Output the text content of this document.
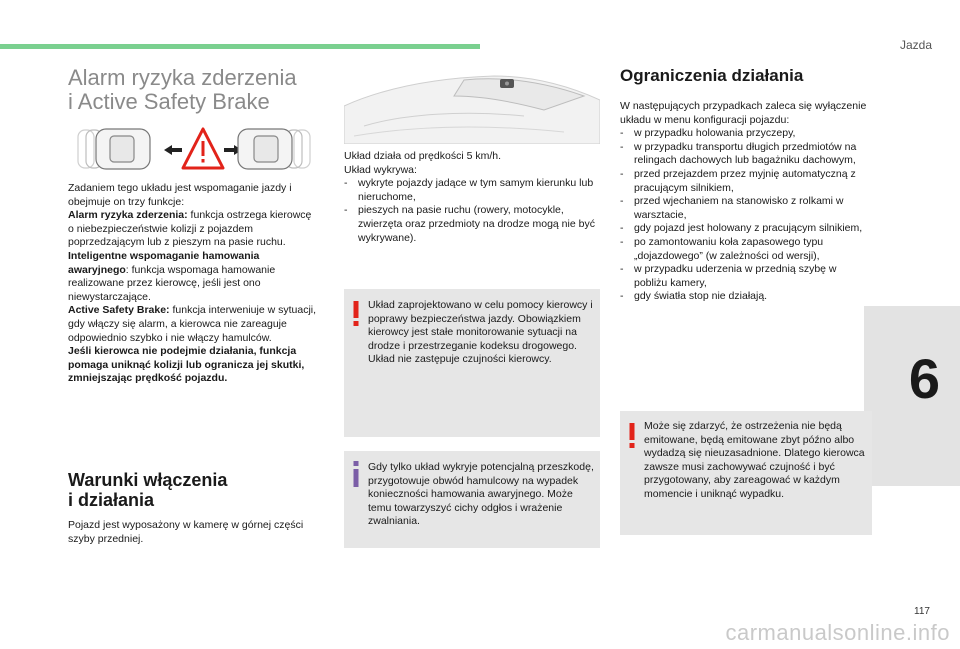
Jazda
6
117
carmanualsonline.info
Alarm ryzyka zderzenia
i Active Safety Brake

Zadaniem tego układu jest wspomaganie jazdy i obejmuje on trzy funkcje:

Alarm ryzyka zderzenia: funkcja ostrzega kierowcę o niebezpieczeństwie kolizji z pojazdem poprzedzającym lub z pieszym na pasie ruchu.

Inteligentne wspomaganie hamowania awaryjnego: funkcja wspomaga hamowanie realizowane przez kierowcę, jeśli jest ono niewystarczające.

Active Safety Brake: funkcja interweniuje w sytuacji, gdy włączy się alarm, a kierowca nie zareaguje odpowiednio szybko i nie włączy hamulców.

Jeśli kierowca nie podejmie działania, funkcja pomaga uniknąć kolizji lub ogranicza jej skutki, zmniejszając prędkość pojazdu.

Warunki włączenia
i działania

Pojazd jest wyposażony w kamerę w górnej części szyby przedniej.

Układ działa od prędkości 5 km/h.

Układ wykrywa:

- wykryte pojazdy jadące w tym samym kierunku lub nieruchome,
- pieszych na pasie ruchu (rowery, motocykle, zwierzęta oraz przedmioty na drodze mogą nie być wykrywane).

Układ zaprojektowano w celu pomocy kierowcy i poprawy bezpieczeństwa jazdy. Obowiązkiem kierowcy jest stałe monitorowanie sytuacji na drodze i przestrzeganie kodeksu drogowego. Układ nie zastępuje czujności kierowcy.

Gdy tylko układ wykryje potencjalną przeszkodę, przygotowuje obwód hamulcowy na wypadek konieczności hamowania awaryjnego. Może temu towarzyszyć cichy odgłos i wrażenie zwalniania.

Ograniczenia działania

W następujących przypadkach zaleca się wyłączenie układu w menu konfiguracji pojazdu:

- w przypadku holowania przyczepy,
- w przypadku transportu długich przedmiotów na relingach dachowych lub bagażniku dachowym,
- przed przejazdem przez myjnię automatyczną z pracującym silnikiem,
- przed wjechaniem na stanowisko z rolkami w warsztacie,
- gdy pojazd jest holowany z pracującym silnikiem,
- po zamontowaniu koła zapasowego typu „dojazdowego” (w zależności od wersji),
- w przypadku uderzenia w przednią szybę w pobliżu kamery,
- gdy światła stop nie działają.

Może się zdarzyć, że ostrzeżenia nie będą emitowane, będą emitowane zbyt późno albo wydadzą się nieuzasadnione. Dlatego kierowca zawsze musi zachowywać czujność i być przygotowany, aby zareagować w każdym momencie i uniknąć wypadku.
